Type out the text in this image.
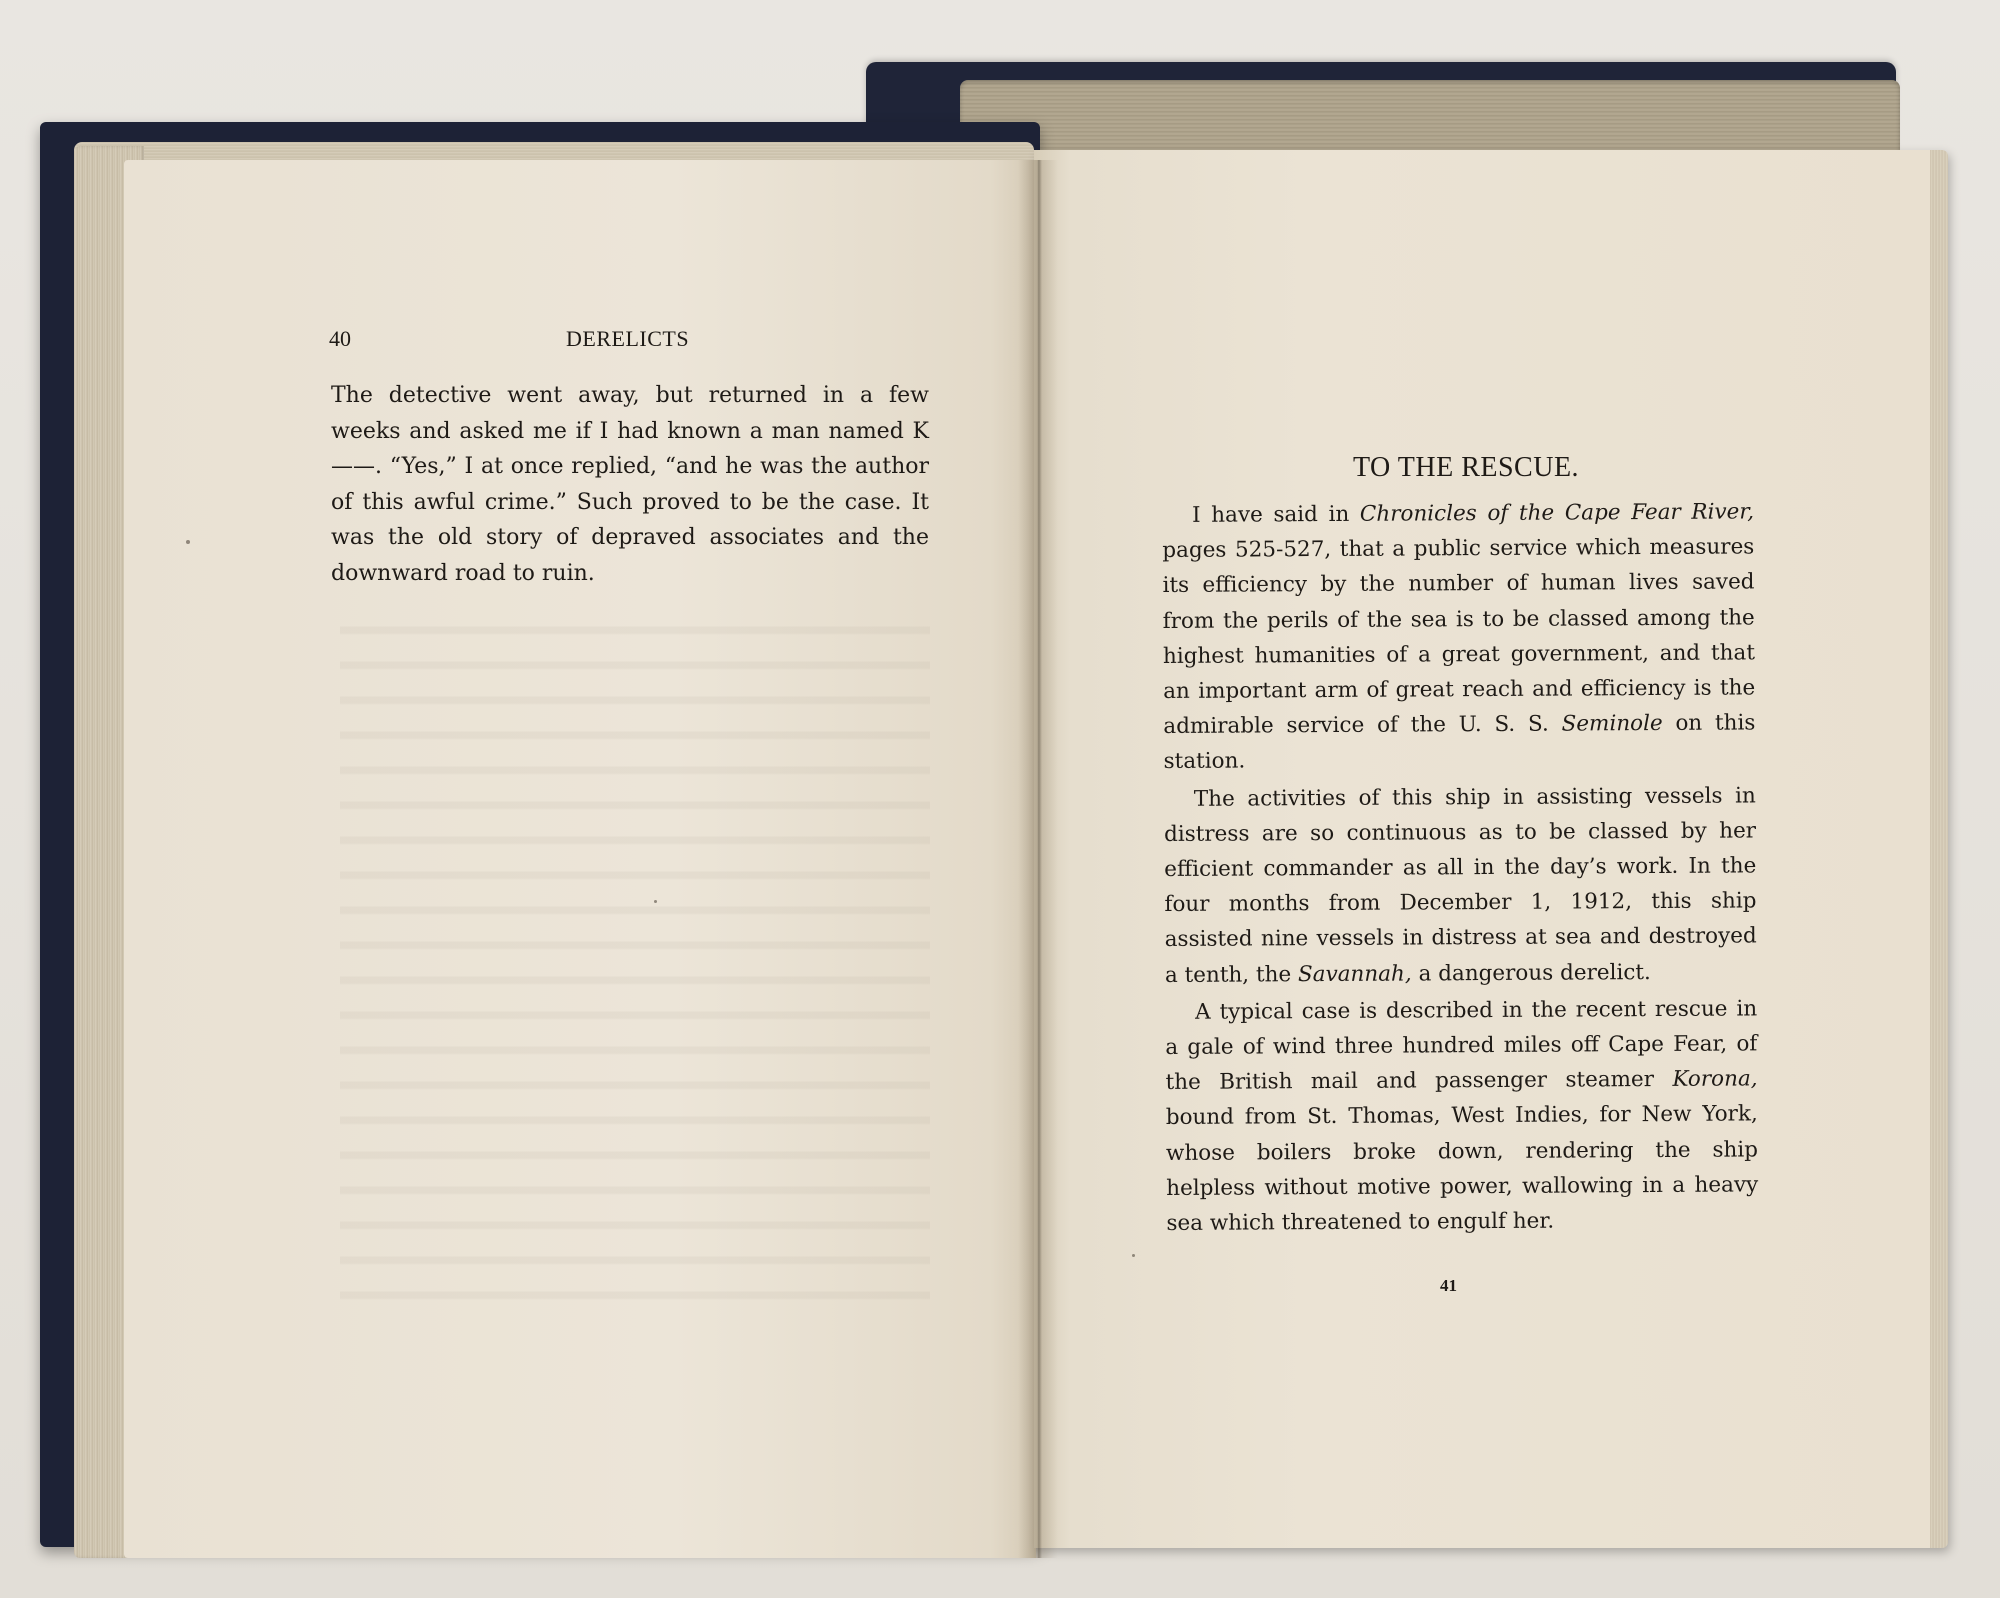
40	DERELICTS

The detective went away, but returned in a few weeks and asked me if I had known a man named K——. “Yes,” I at once replied, “and he was the author of this awful crime.” Such proved to be the case. It was the old story of depraved associates and the downward road to ruin.

TO THE RESCUE.

I have said in Chronicles of the Cape Fear River, pages 525-527, that a public service which measures its efficiency by the number of human lives saved from the perils of the sea is to be classed among the highest humanities of a great government, and that an important arm of great reach and efficiency is the admirable service of the U. S. S. Seminole on this station.

The activities of this ship in assisting vessels in distress are so continuous as to be classed by her efficient commander as all in the day’s work. In the four months from December 1, 1912, this ship assisted nine vessels in distress at sea and destroyed a tenth, the Savannah, a dangerous derelict.

A typical case is described in the recent rescue in a gale of wind three hundred miles off Cape Fear, of the British mail and passenger steamer Korona, bound from St. Thomas, West Indies, for New York, whose boilers broke down, rendering the ship helpless without motive power, wallowing in a heavy sea which threatened to engulf her.

41
